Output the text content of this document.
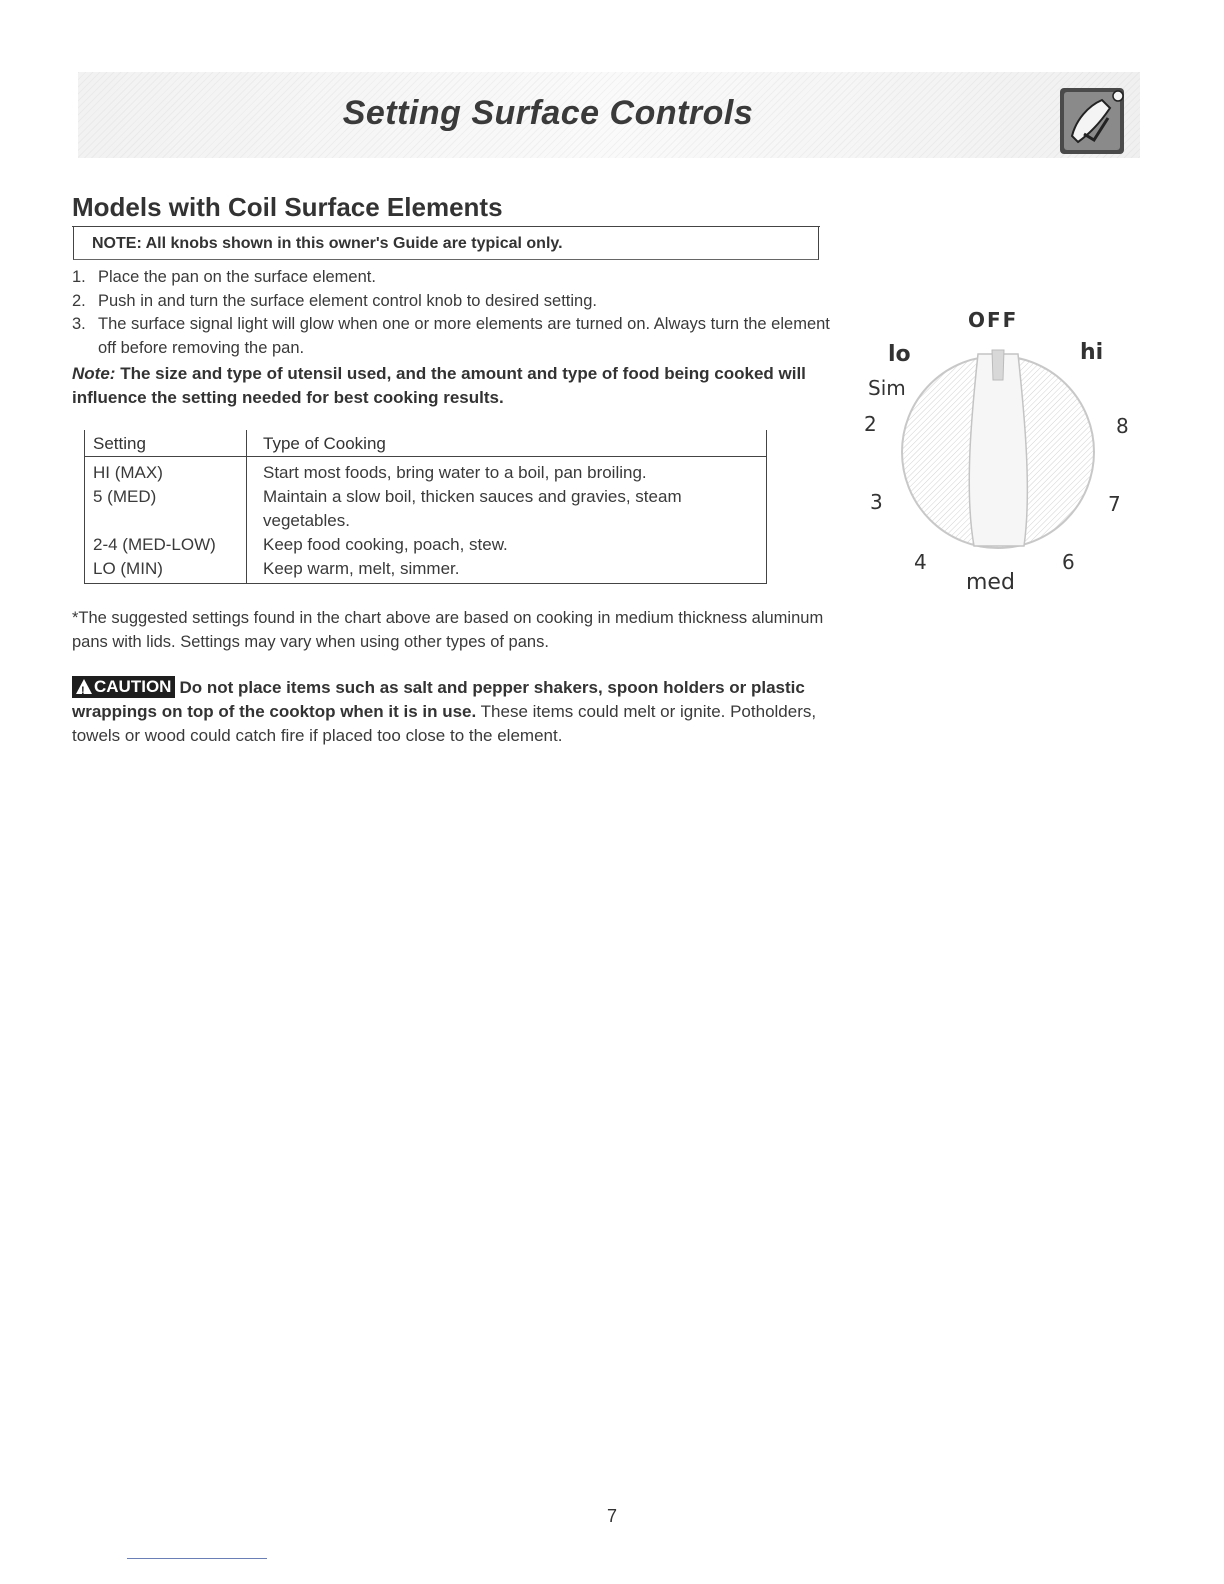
Setting Surface Controls
Models with Coil Surface Elements
NOTE: All knobs shown in this owner's Guide are typical only.
1. Place the pan on the surface element.
2. Push in and turn the surface element control knob to desired setting.
3. The surface signal light will glow when one or more elements are turned on. Always turn the element off before removing the pan.
Note: The size and type of utensil used, and the amount and type of food being cooked will influence the setting needed for best cooking results.
Setting	Type of Cooking
HI (MAX)	Start most foods, bring water to a boil, pan broiling.
5 (MED)	Maintain a slow boil, thicken sauces and gravies, steam vegetables.
2-4 (MED-LOW)	Keep food cooking, poach, stew.
LO (MIN)	Keep warm, melt, simmer.
*The suggested settings found in the chart above are based on cooking in medium thickness aluminum pans with lids. Settings may vary when using other types of pans.
!CAUTION Do not place items such as salt and pepper shakers, spoon holders or plastic wrappings on top of the cooktop when it is in use. These items could melt or ignite. Potholders, towels or wood could catch fire if placed too close to the element.
OFF
lo	hi
Sim
2
3
4	6
7
8
med
7
